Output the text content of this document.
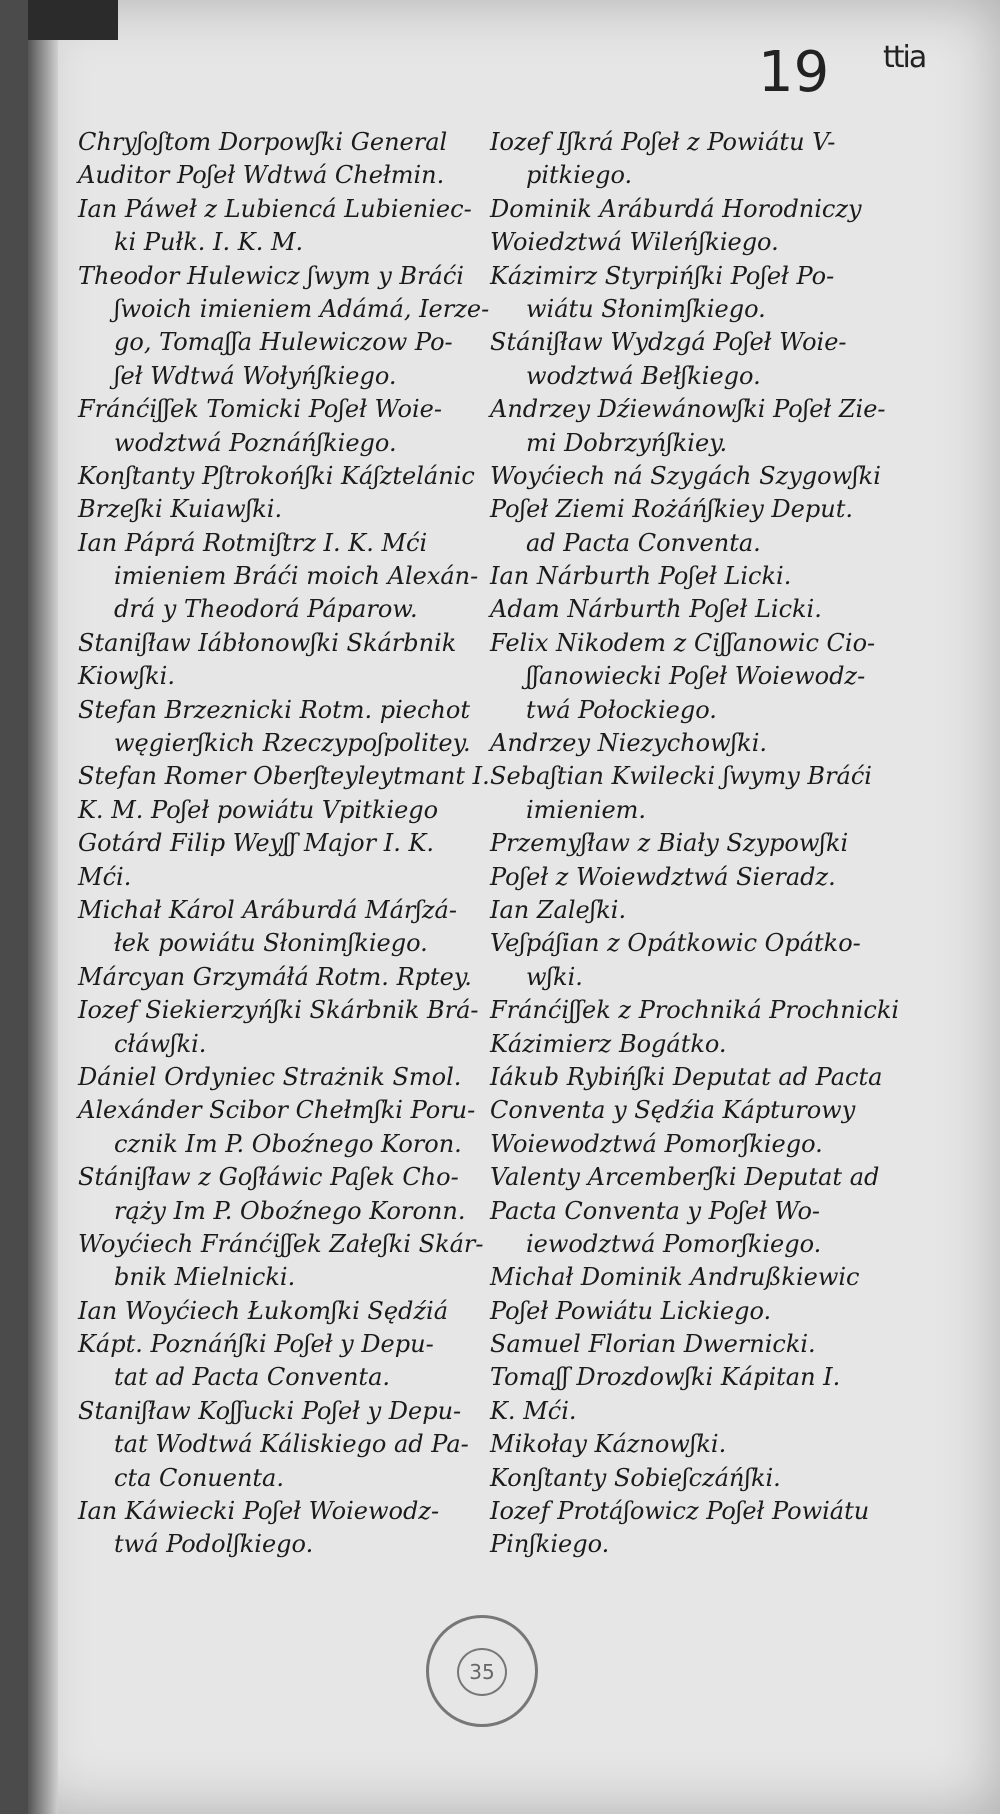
19 ttia
Chryʃoʃtom Dorpowʃki General
Auditor Poʃeł Wdtwá Chełmin.
Ian Páweł z Lubiencá Lubieniec-
ki Pułk. I. K. M.
Theodor Hulewicz ʃwym y Bráći
ʃwoich imieniem Adámá, Ierze-
go, Tomaʃʃa Hulewiczow Po-
ʃeł Wdtwá Wołyńʃkiego.
Fránćiʃʃek Tomicki Poʃeł Woie-
wodztwá Poznáńʃkiego.
Konʃtanty Pʃtrokońʃki Káʃztelánic
Brzeʃki Kuiawʃki.
Ian Páprá Rotmiʃtrz I. K. Mći
imieniem Bráći moich Alexán-
drá y Theodorá Páparow.
Staniʃław Iábłonowʃki Skárbnik
Kiowʃki.
Stefan Brzeznicki Rotm. piechot
węgierʃkich Rzeczypoʃpolitey.
Stefan Romer Oberʃteyleytmant I.
K. M. Poʃeł powiátu Vpitkiego
Gotárd Filip Weyʃʃ Major I. K.
Mći.
Michał Károl Aráburdá Márʃzá-
łek powiátu Słonimʃkiego.
Márcyan Grzymáłá Rotm. Rptey.
Iozef Siekierzyńʃki Skárbnik Brá-
cłáwʃki.
Dániel Ordyniec Strażnik Smol.
Alexánder Scibor Chełmʃki Poru-
cznik Im P. Oboźnego Koron.
Stániʃław z Goʃłáwic Paʃek Cho-
rąży Im P. Oboźnego Koronn.
Woyćiech Fránćiʃʃek Załeʃki Skár-
bnik Mielnicki.
Ian Woyćiech Łukomʃki Sędźiá
Kápt. Poznáńʃki Poʃeł y Depu-
tat ad Pacta Conventa.
Staniʃław Koʃʃucki Poʃeł y Depu-
tat Wodtwá Káliskiego ad Pa-
cta Conuenta.
Ian Káwiecki Poʃeł Woiewodz-
twá Podolʃkiego.
Iozef Iʃkrá Poʃeł z Powiátu V-
pitkiego.
Dominik Aráburdá Horodniczy
Woiedztwá Wileńʃkiego.
Kázimirz Styrpińʃki Poʃeł Po-
wiátu Słonimʃkiego.
Stániʃław Wydzgá Poʃeł Woie-
wodztwá Bełʃkiego.
Andrzey Dźiewánowʃki Poʃeł Zie-
mi Dobrzyńʃkiey.
Woyćiech ná Szygách Szygowʃki
Poʃeł Ziemi Rożáńʃkiey Deput.
ad Pacta Conventa.
Ian Nárburth Poʃeł Licki.
Adam Nárburth Poʃeł Licki.
Felix Nikodem z Ciʃʃanowic Cio-
ʃʃanowiecki Poʃeł Woiewodz-
twá Połockiego.
Andrzey Niezychowʃki.
Sebaʃtian Kwilecki ʃwymy Bráći
imieniem.
Przemyʃław z Biały Szypowʃki
Poʃeł z Woiewdztwá Sieradz.
Ian Zaleʃki.
Veʃpáʃian z Opátkowic Opátko-
wʃki.
Fránćiʃʃek z Prochniká Prochnicki
Kázimierz Bogátko.
Iákub Rybińʃki Deputat ad Pacta
Conventa y Sędźia Kápturowy
Woiewodztwá Pomorʃkiego.
Valenty Arcemberʃki Deputat ad
Pacta Conventa y Poʃeł Wo-
iewodztwá Pomorʃkiego.
Michał Dominik Andrußkiewic
Poʃeł Powiátu Lickiego.
Samuel Florian Dwernicki.
Tomaʃʃ Drozdowʃki Kápitan I.
K. Mći.
Mikołay Káznowʃki.
Konʃtanty Sobieʃczáńʃki.
Iozef Protáʃowicz Poʃeł Powiátu
Pinʃkiego.
35
